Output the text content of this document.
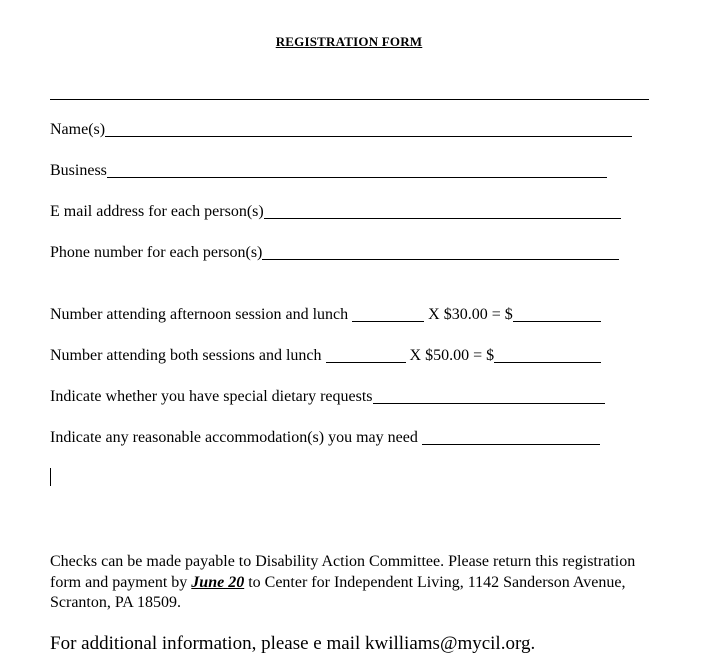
REGISTRATION FORM
Name(s)
Business
E mail address for each person(s)
Phone number for each person(s)
Number attending afternoon session and lunch	X $30.00 = $
Number attending both sessions and lunch	X $50.00 = $
Indicate whether you have special dietary requests
Indicate any reasonable accommodation(s) you may need
Checks can be made payable to Disability Action Committee. Please return this registration form and payment by June 20 to Center for Independent Living, 1142 Sanderson Avenue, Scranton, PA 18509.
For additional information, please e mail kwilliams@mycil.org.
